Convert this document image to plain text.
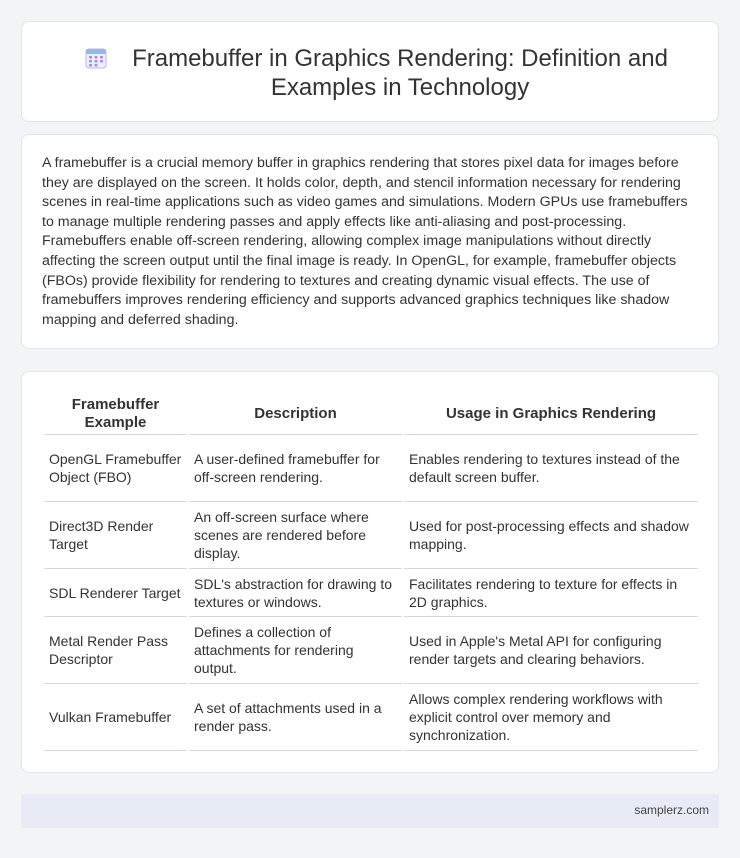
Framebuffer in Graphics Rendering: Definition and Examples in Technology

A framebuffer is a crucial memory buffer in graphics rendering that stores pixel data for images before they are displayed on the screen. It holds color, depth, and stencil information necessary for rendering scenes in real-time applications such as video games and simulations. Modern GPUs use framebuffers to manage multiple rendering passes and apply effects like anti-aliasing and post-processing. Framebuffers enable off-screen rendering, allowing complex image manipulations without directly affecting the screen output until the final image is ready. In OpenGL, for example, framebuffer objects (FBOs) provide flexibility for rendering to textures and creating dynamic visual effects. The use of framebuffers improves rendering efficiency and supports advanced graphics techniques like shadow mapping and deferred shading.

Framebuffer Example	Description	Usage in Graphics Rendering
OpenGL Framebuffer Object (FBO)	A user-defined framebuffer for off-screen rendering.	Enables rendering to textures instead of the default screen buffer.
Direct3D Render Target	An off-screen surface where scenes are rendered before display.	Used for post-processing effects and shadow mapping.
SDL Renderer Target	SDL's abstraction for drawing to textures or windows.	Facilitates rendering to texture for effects in 2D graphics.
Metal Render Pass Descriptor	Defines a collection of attachments for rendering output.	Used in Apple's Metal API for configuring render targets and clearing behaviors.
Vulkan Framebuffer	A set of attachments used in a render pass.	Allows complex rendering workflows with explicit control over memory and synchronization.
samplerz.com
